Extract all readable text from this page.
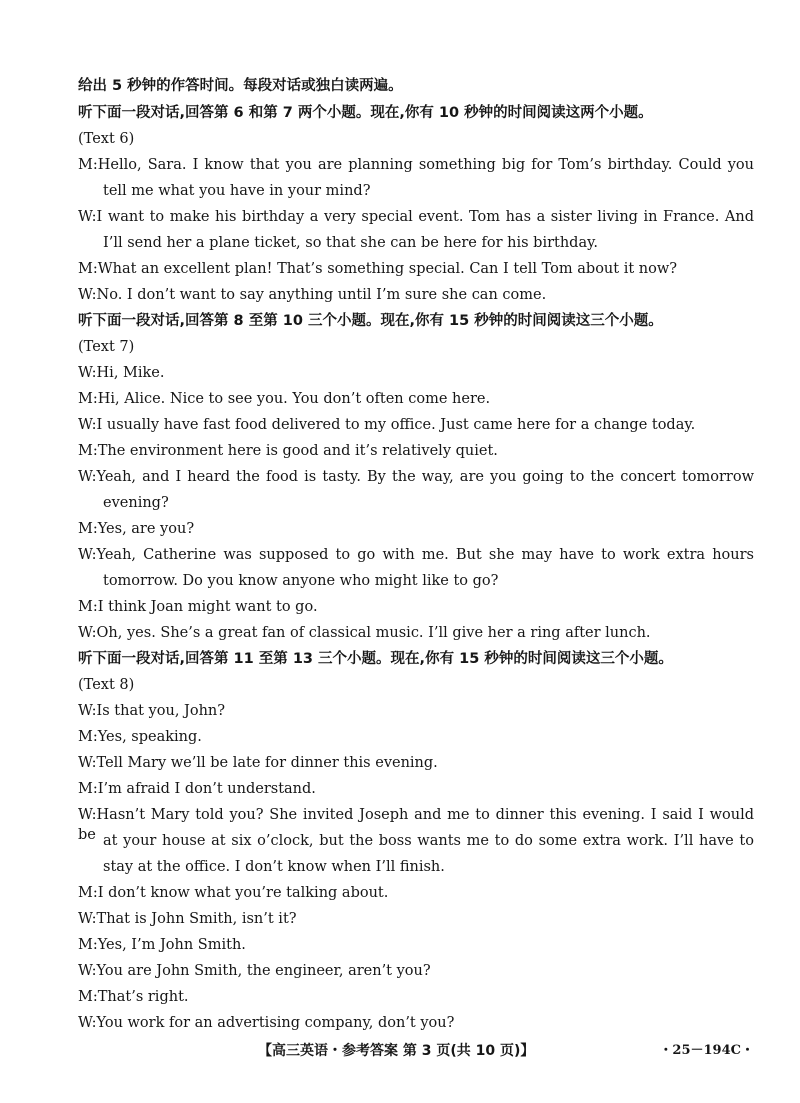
给出 5 秒钟的作答时间。每段对话或独白读两遍。
听下面一段对话,回答第 6 和第 7 两个小题。现在,你有 10 秒钟的时间阅读这两个小题。
(Text 6)
M:Hello, Sara. I know that you are planning something big for Tom’s birthday. Could you
tell me what you have in your mind?
W:I want to make his birthday a very special event. Tom has a sister living in France. And
I’ll send her a plane ticket, so that she can be here for his birthday.
M:What an excellent plan! That’s something special. Can I tell Tom about it now?
W:No. I don’t want to say anything until I’m sure she can come.
听下面一段对话,回答第 8 至第 10 三个小题。现在,你有 15 秒钟的时间阅读这三个小题。
(Text 7)
W:Hi, Mike.
M:Hi, Alice. Nice to see you. You don’t often come here.
W:I usually have fast food delivered to my office. Just came here for a change today.
M:The environment here is good and it’s relatively quiet.
W:Yeah, and I heard the food is tasty. By the way, are you going to the concert tomorrow
evening?
M:Yes, are you?
W:Yeah, Catherine was supposed to go with me. But she may have to work extra hours
tomorrow. Do you know anyone who might like to go?
M:I think Joan might want to go.
W:Oh, yes. She’s a great fan of classical music. I’ll give her a ring after lunch.
听下面一段对话,回答第 11 至第 13 三个小题。现在,你有 15 秒钟的时间阅读这三个小题。
(Text 8)
W:Is that you, John?
M:Yes, speaking.
W:Tell Mary we’ll be late for dinner this evening.
M:I’m afraid I don’t understand.
W:Hasn’t Mary told you? She invited Joseph and me to dinner this evening. I said I would be at your house at six o’clock, but the boss wants me to do some extra work. I’ll have to
stay at the office. I don’t know when I’ll finish.
M:I don’t know what you’re talking about.
W:That is John Smith, isn’t it?
M:Yes, I’m John Smith.
W:You are John Smith, the engineer, aren’t you?
M:That’s right.
W:You work for an advertising company, don’t you?
【高三英语・参考答案 第 3 页(共 10 页)】	・25－194C・
